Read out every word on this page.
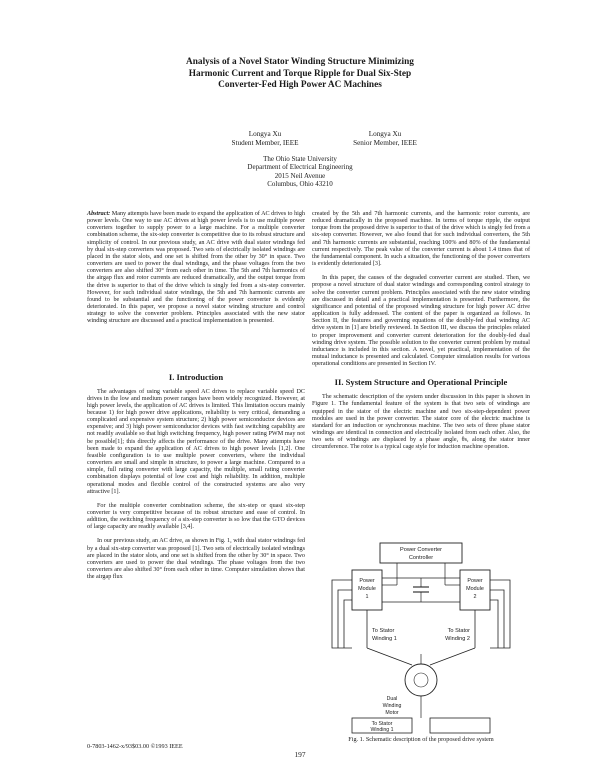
Analysis of a Novel Stator Winding Structure Minimizing
Harmonic Current and Torque Ripple for Dual Six-Step
Converter-Fed High Power AC Machines
Longya Xu
Student Member, IEEE
Longya Xu
Senior Member, IEEE
The Ohio State University
Department of Electrical Engineering
2015 Neil Avenue
Columbus, Ohio 43210

Abstract: Many attempts have been made to expand the application of AC drives to high power levels. One way to use AC drives at high power levels is to use multiple power converters together to supply power to a large machine. For a multiple converter combination scheme, the six-step converter is competitive due to its robust structure and simplicity of control. In our previous study, an AC drive with dual stator windings fed by dual six-step converters was proposed. Two sets of electrically isolated windings are placed in the stator slots, and one set is shifted from the other by 30° in space. Two converters are used to power the dual windings, and the phase voltages from the two converters are also shifted 30° from each other in time. The 5th and 7th harmonics of the airgap flux and rotor currents are reduced dramatically, and the output torque from the drive is superior to that of the drive which is singly fed from a six-step converter. However, for such individual stator windings, the 5th and 7th harmonic currents are found to be substantial and the functioning of the power converter is evidently deteriorated. In this paper, we propose a novel stator winding structure and control strategy to solve the converter problem. Principles associated with the new stator winding structure are discussed and a practical implementation is presented.

I. Introduction

The advantages of using variable speed AC drives to replace variable speed DC drives in the low and medium power ranges have been widely recognized. However, at high power levels, the application of AC drives is limited. This limitation occurs mainly because 1) for high power drive applications, reliability is very critical, demanding a complicated and expensive system structure; 2) high power semiconductor devices are expensive; and 3) high power semiconductor devices with fast switching capability are not readily available so that high switching frequency, high power rating PWM may not be possible[1]; this directly affects the performance of the drive. Many attempts have been made to expand the application of AC drives to high power levels [1,2]. One feasible configuration is to use multiple power converters, where the individual converters are small and simple in structure, to power a large machine. Compared to a simple, full rating converter with large capacity, the multiple, small rating converter combination displays potential of low cost and high reliability. In addition, multiple operational modes and flexible control of the constructed systems are also very attractive [1].

For the multiple converter combination scheme, the six-step or quasi six-step converter is very competitive because of its robust structure and ease of control. In addition, the switching frequency of a six-step converter is so low that the GTO devices of large capacity are readily available [3,4].

In our previous study, an AC drive, as shown in Fig. 1, with dual stator windings fed by a dual six-step converter was proposed [1]. Two sets of electrically isolated windings are placed in the stator slots, and one set is shifted from the other by 30° in space. Two converters are used to power the dual windings. The phase voltages from the two converters are also shifted 30° from each other in time. Computer simulation shows that the airgap flux

created by the 5th and 7th harmonic currents, and the harmonic rotor currents, are reduced dramatically in the proposed machine. In terms of torque ripple, the output torque from the proposed drive is superior to that of the drive which is singly fed from a six-step converter. However, we also found that for such individual converters, the 5th and 7th harmonic currents are substantial, reaching 100% and 80% of the fundamental current respectively. The peak value of the converter current is about 1.4 times that of the fundamental component. In such a situation, the functioning of the power converters is evidently deteriorated [3].

In this paper, the causes of the degraded converter current are studied. Then, we propose a novel structure of dual stator windings and corresponding control strategy to solve the converter current problem. Principles associated with the new stator winding are discussed in detail and a practical implementation is presented. Furthermore, the significance and potential of the proposed winding structure for high power AC drive application is fully addressed. The content of the paper is organized as follows. In Section II, the features and governing equations of the doubly-fed dual winding AC drive system in [1] are briefly reviewed. In Section III, we discuss the principles related to proper improvement and converter current deterioration for the doubly-fed dual winding drive system. The possible solution to the converter current problem by mutual inductance is included in this section. A novel, yet practical, implementation of the mutual inductance is presented and calculated. Computer simulation results for various operational conditions are presented in Section IV.

II. System Structure and Operational Principle

The schematic description of the system under discussion in this paper is shown in Figure 1. The fundamental feature of the system is that two sets of windings are equipped in the stator of the electric machine and two six-step-dependent power modules are used in the power converter. The stator core of the electric machine is standard for an induction or synchronous machine. The two sets of three phase stator windings are identical in connection and electrically isolated from each other. Also, the two sets of windings are displaced by a phase angle, θs, along the stator inner circumference. The rotor is a typical cage style for induction machine operation.

Power Converter
Controller
Power
Module
1
Power
Module
2
To Stator
Winding 1
To Stator
Winding 2
Dual
Winding
Motor
To Stator
Winding 1
Fig. 1. Schematic description of the proposed drive system
0-7803-1462-x/93$03.00 ©1993 IEEE
197
